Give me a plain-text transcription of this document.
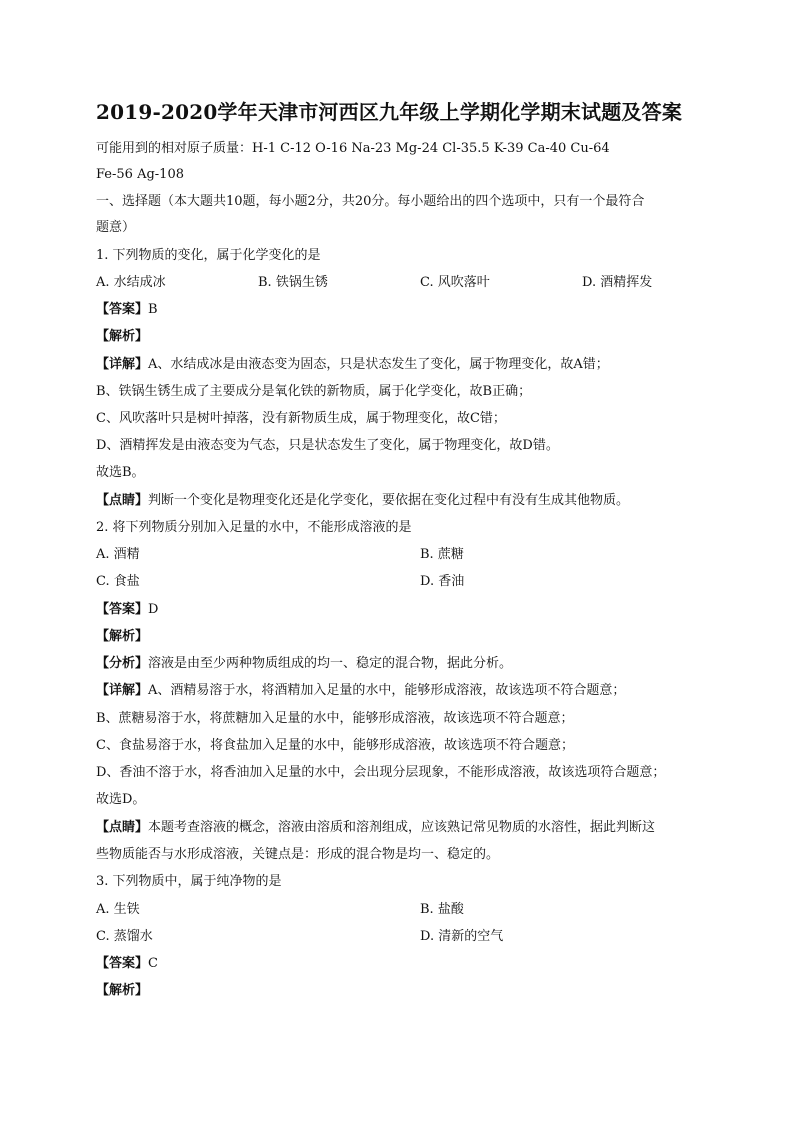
2019-2020学年天津市河西区九年级上学期化学期末试题及答案
可能用到的相对原子质量：H-1 C-12 O-16 Na-23 Mg-24 Cl-35.5 K-39 Ca-40 Cu-64
Fe-56 Ag-108
一、选择题（本大题共10题，每小题2分，共20分。每小题给出的四个选项中，只有一个最符合
题意）
1. 下列物质的变化，属于化学变化的是
A. 水结成冰	B. 铁锅生锈	C. 风吹落叶	D. 酒精挥发
【答案】B
【解析】
【详解】A、水结成冰是由液态变为固态，只是状态发生了变化，属于物理变化，故A错；
B、铁锅生锈生成了主要成分是氧化铁的新物质，属于化学变化，故B正确；
C、风吹落叶只是树叶掉落，没有新物质生成，属于物理变化，故C错；
D、酒精挥发是由液态变为气态，只是状态发生了变化，属于物理变化，故D错。
故选B。
【点睛】判断一个变化是物理变化还是化学变化，要依据在变化过程中有没有生成其他物质。
2. 将下列物质分别加入足量的水中，不能形成溶液的是
A. 酒精	B. 蔗糖
C. 食盐	D. 香油
【答案】D
【解析】
【分析】溶液是由至少两种物质组成的均一、稳定的混合物，据此分析。
【详解】A、酒精易溶于水，将酒精加入足量的水中，能够形成溶液，故该选项不符合题意；
B、蔗糖易溶于水，将蔗糖加入足量的水中，能够形成溶液，故该选项不符合题意；
C、食盐易溶于水，将食盐加入足量的水中，能够形成溶液，故该选项不符合题意；
D、香油不溶于水，将香油加入足量的水中，会出现分层现象，不能形成溶液，故该选项符合题意；
故选D。
【点睛】本题考查溶液的概念，溶液由溶质和溶剂组成，应该熟记常见物质的水溶性，据此判断这
些物质能否与水形成溶液，关键点是：形成的混合物是均一、稳定的。
3. 下列物质中，属于纯净物的是
A. 生铁	B. 盐酸
C. 蒸馏水	D. 清新的空气
【答案】C
【解析】
